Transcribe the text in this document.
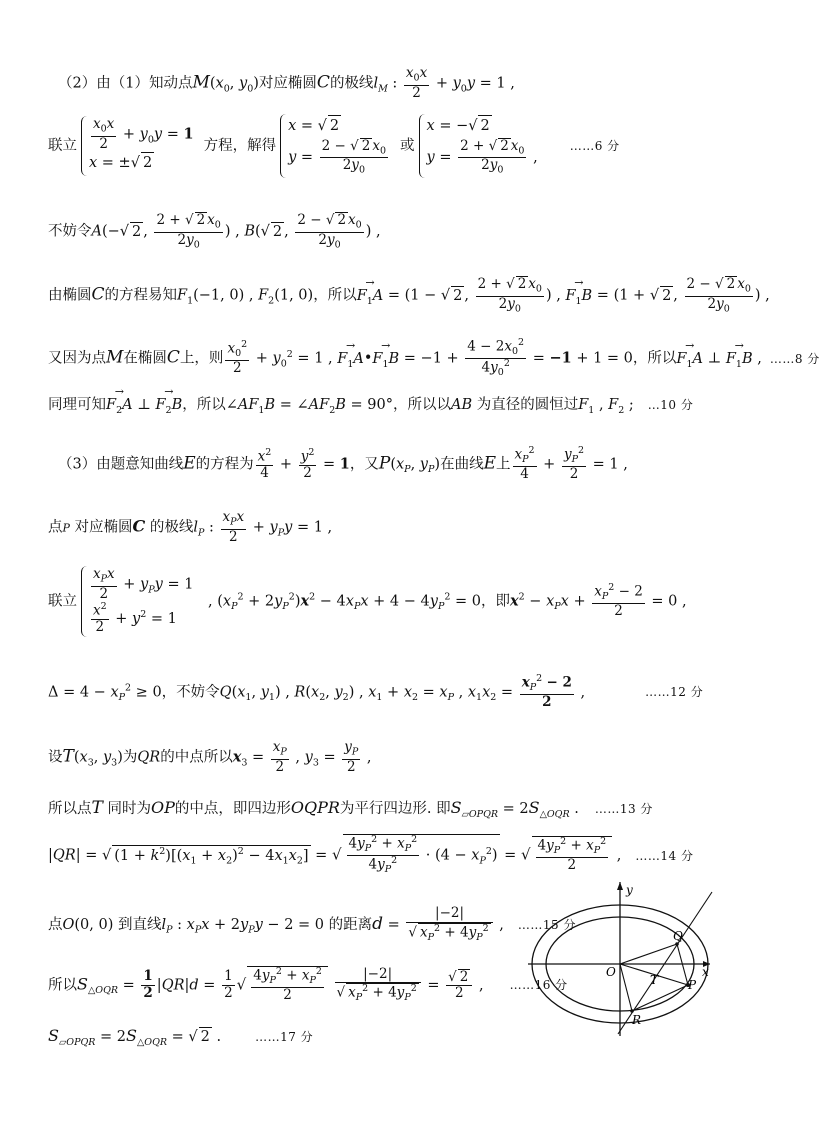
（2）由（1）知动点$M(x_0$, $y_0$)对应椭圆C的极线$l_M$ : $\frac{x_0x}{2} + y_0y = 1$ ,
联立 $\frac{x_0x}{2} + y_0y = 1$
x = ±√ 2
方程，解得
x = √ 2
$y = \frac{2 - √ 2 x_0}{2y_0}$ 或
x = −√ 2
$y = \frac{2 + √ 2 x_0}{2y_0}$ ,
……6 分
不妨令A(−√ 2 , $\frac{2 + √ 2 x_0}{2y_0}$ ) , B(√ 2 , $\frac{2 - √ 2 x_0}{2y_0}$ ) ,
由椭圆C的方程易知$F_1(-1$, 0) , $F_2(1$, 0)，所以→ $F_1A = (1$ − √ 2 , $\frac{2 + √ 2 x_0}{2y_0}$ ) , → $F_1B = (1$ + √ 2 , $\frac{2 - √ 2 x_0}{2y_0}$ ) ,
又因为点M在椭圆C上，则 $\frac{x_0^2}{2} + y_0^2 = 1$ , → $F_1A•\to F_1B = -1 + \frac{4 - 2x_0^2}{4y_0^2} = -1 + 1 = 0$，所以→ $F_1A$ ⊥ → $F_1B$ , ……8 分
同理可知→ $F_2A$ ⊥ → $F_2B$，所以$\angle AF_1B$ = $\angle AF_2B = 90^\circ$，所以以AB 为直径的圆恒过$F_1$ , $F_2$ ; …10 分
（3）由题意知曲线E的方程为 $\frac{x^2}{4} + \frac{y^2}{2} = 1$，又$P(x_P$, $y_P$)在曲线E上 $\frac{x_P^2}{4} + \frac{y_P^2}{2} = 1$ ,
点P 对应椭圆C 的极线$l_P$ : $\frac{x_Px}{2} + y_Py = 1$ ,
联立 $\frac{x_Px}{2} + y_Py = 1$
$\frac{x^2}{2} + y^2 = 1$
, $(x_P^2 + 2y_P^2)x^2 - 4x_Px + 4 - 4y_P^2 = 0$，即$x^2 - x_Px + \frac{x_P^2 - 2}{2} = 0$ ,
$\Delta = 4 - x_P^2 \ge 0$，不妨令$Q(x_1$, $y_1$) , $R(x_2$, $y_2$) , $x_1 + x_2 = x_P$ , $x_1x_2 = \frac{x_P^2 - 2}{2}$ ,	……12 分
设$T(x_3$, $y_3$)为QR的中点所以$x_3 = \frac{x_P}{2}$ , $y_3 = \frac{y_P}{2}$ ,
所以点T 同时为OP的中点，即四边形OQPR为平行四边形. 即$S_{▱OPQR} = 2S_{\triangle OQR}$ . ……13 分
|QR| = √ $(1 + k^2)[(x_1 + x_2)^2 - 4x_1x_2]$ = √ $\frac{4y_P^2 + x_P^2}{4y_P^2} \cdot (4 - x_P^2)$ = √ $\frac{4y_P^2 + x_P^2}{2}$ , ……14 分
点O(0, 0) 到直线$l_P$ : $x_Px + 2y_Py - 2 = 0$ 的距离$d = \frac{|-2|}{√ x_P^2 + 4y_P^2}$ , ……15 分
所以$S_{\triangle OQR} = \frac{1}{2} |QR|d = \frac{1}{2}$ √ $\frac{4y_P^2 + x_P^2}{2}$
$\frac{|-2|}{√ x_P^2 + 4y_P^2} = \frac{√ 2}{2}$ , ……16 分
$S_{▱OPQR} = 2S_{\triangle OQR}$ = √ 2 .	……17 分
x
y
O
Q
T P
R
